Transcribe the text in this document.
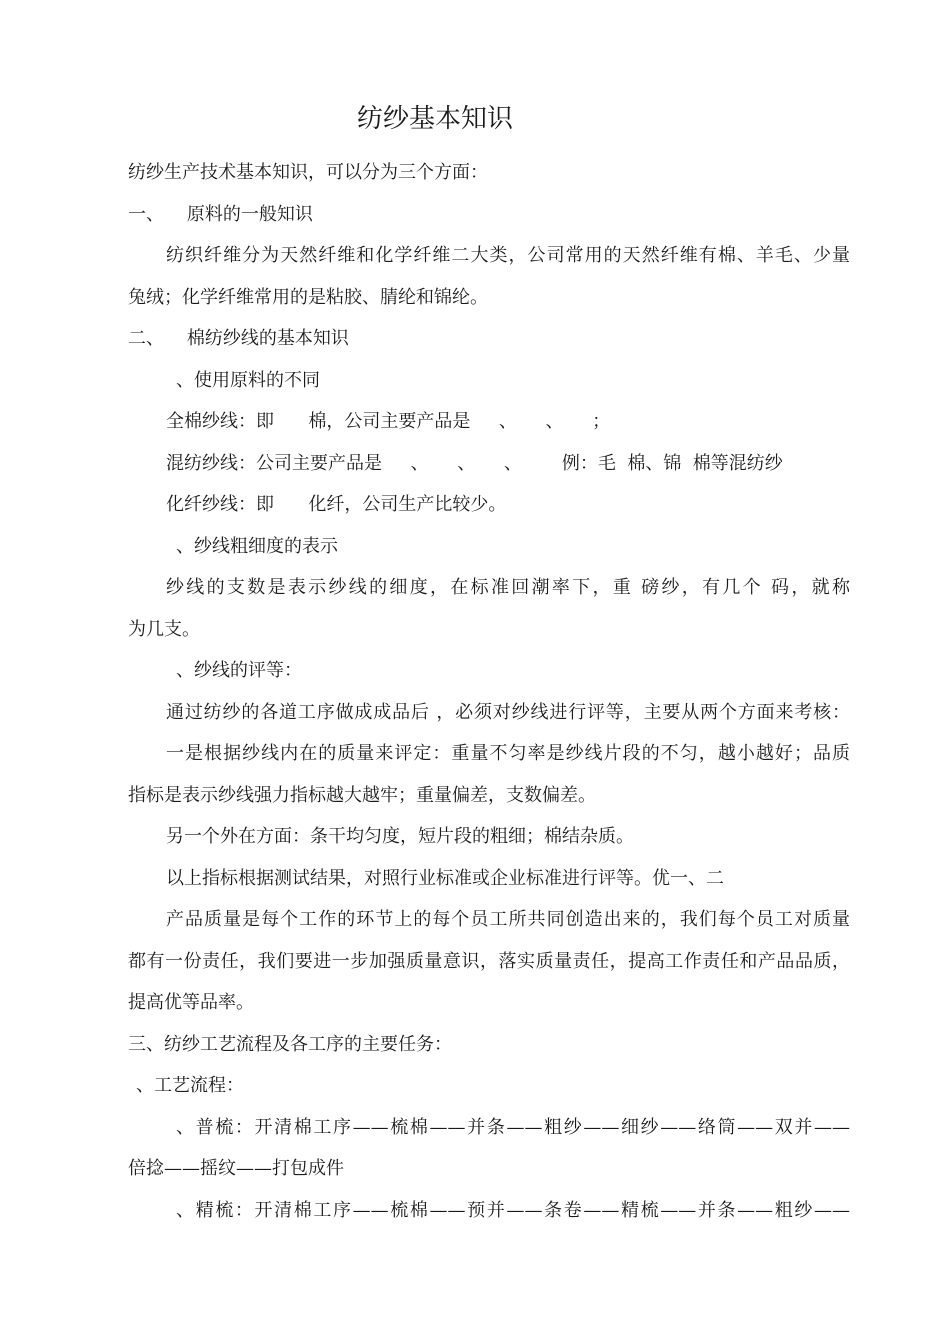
纺纱基本知识
纺纱生产技术基本知识，可以分为三个方面：
一、    原料的一般知识
纺织纤维分为天然纤维和化学纤维二大类，公司常用的天然纤维有棉、羊毛、少量
兔绒；化学纤维常用的是粘胶、腈纶和锦纶。
二、    棉纺纱线的基本知识
、使用原料的不同
全棉纱线：即      棉，公司主要产品是     、     、     ；
混纺纱线：公司主要产品是     、     、     、       例：毛  棉、锦  棉等混纺纱
化纤纱线：即      化纤，公司生产比较少。
、纱线粗细度的表示
纱线的支数是表示纱线的细度，在标准回潮率下，重 磅纱，有几个 码，就称
为几支。
、纱线的评等：
通过纺纱的各道工序做成成品后 ，必须对纱线进行评等，主要从两个方面来考核：
一是根据纱线内在的质量来评定：重量不匀率是纱线片段的不匀，越小越好；品质
指标是表示纱线强力指标越大越牢；重量偏差，支数偏差。
另一个外在方面：条干均匀度，短片段的粗细；棉结杂质。
以上指标根据测试结果，对照行业标准或企业标准进行评等。优一、二
产品质量是每个工作的环节上的每个员工所共同创造出来的，我们每个员工对质量
都有一份责任，我们要进一步加强质量意识，落实质量责任，提高工作责任和产品品质，
提高优等品率。
三、纺纱工艺流程及各工序的主要任务：
、工艺流程：
、普梳：开清棉工序——梳棉——并条——粗纱——细纱——络筒——双并——
倍捻——摇纹——打包成件
、精梳：开清棉工序——梳棉——预并——条卷——精梳——并条——粗纱——
